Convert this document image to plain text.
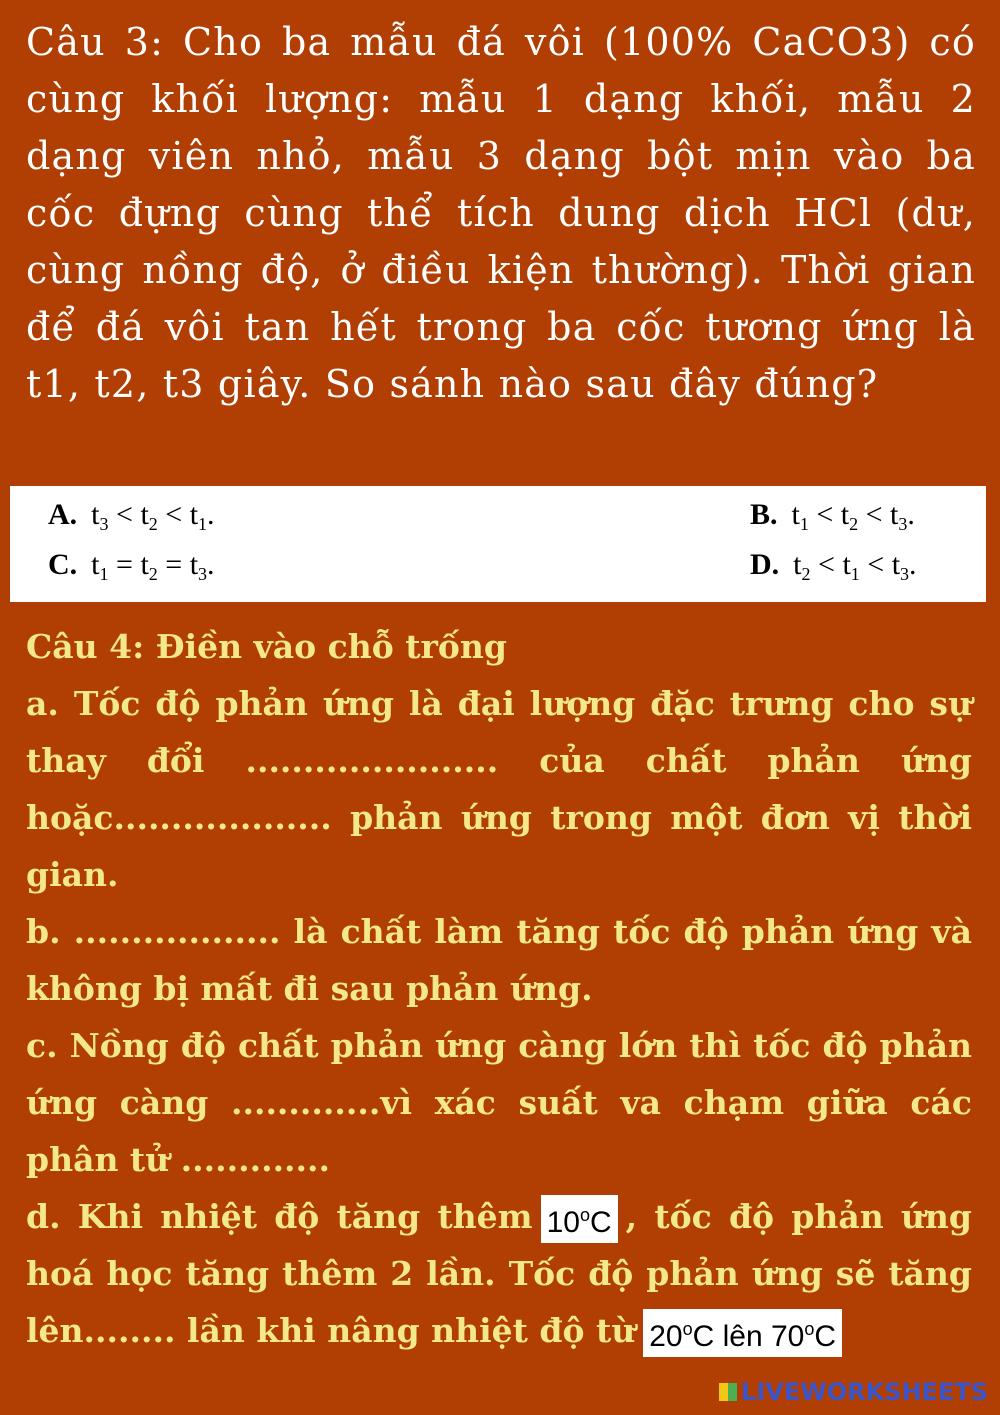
Câu 3: Cho ba mẫu đá vôi (100% CaCO3) có cùng khối lượng: mẫu 1 dạng khối, mẫu 2 dạng viên nhỏ, mẫu 3 dạng bột mịn vào ba cốc đựng cùng thể tích dung dịch HCl (dư, cùng nồng độ, ở điều kiện thường). Thời gian để đá vôi tan hết trong ba cốc tương ứng là t1, t2, t3 giây. So sánh nào sau đây đúng?

A. $t_3 < t_2 < t_1$.	B. $t_1 < t_2 < t_3$.
C. $t_1 = t_2 = t_3$.	D. $t_2 < t_1 < t_3$.

Câu 4: Điền vào chỗ trống

a. Tốc độ phản ứng là đại lượng đặc trưng cho sự thay đổi ...................... của chất phản ứng hoặc................... phản ứng trong một đơn vị thời gian.

b. .................. là chất làm tăng tốc độ phản ứng và không bị mất đi sau phản ứng.

c. Nồng độ chất phản ứng càng lớn thì tốc độ phản ứng càng .............vì xác suất va chạm giữa các phân tử .............

d. Khi nhiệt độ tăng thêm 10$^o$C , tốc độ phản ứng hoá học tăng thêm 2 lần. Tốc độ phản ứng sẽ tăng lên........ lần khi nâng nhiệt độ từ 20$^o$C lên 70$^o$C

LIVEWORKSHEETS
